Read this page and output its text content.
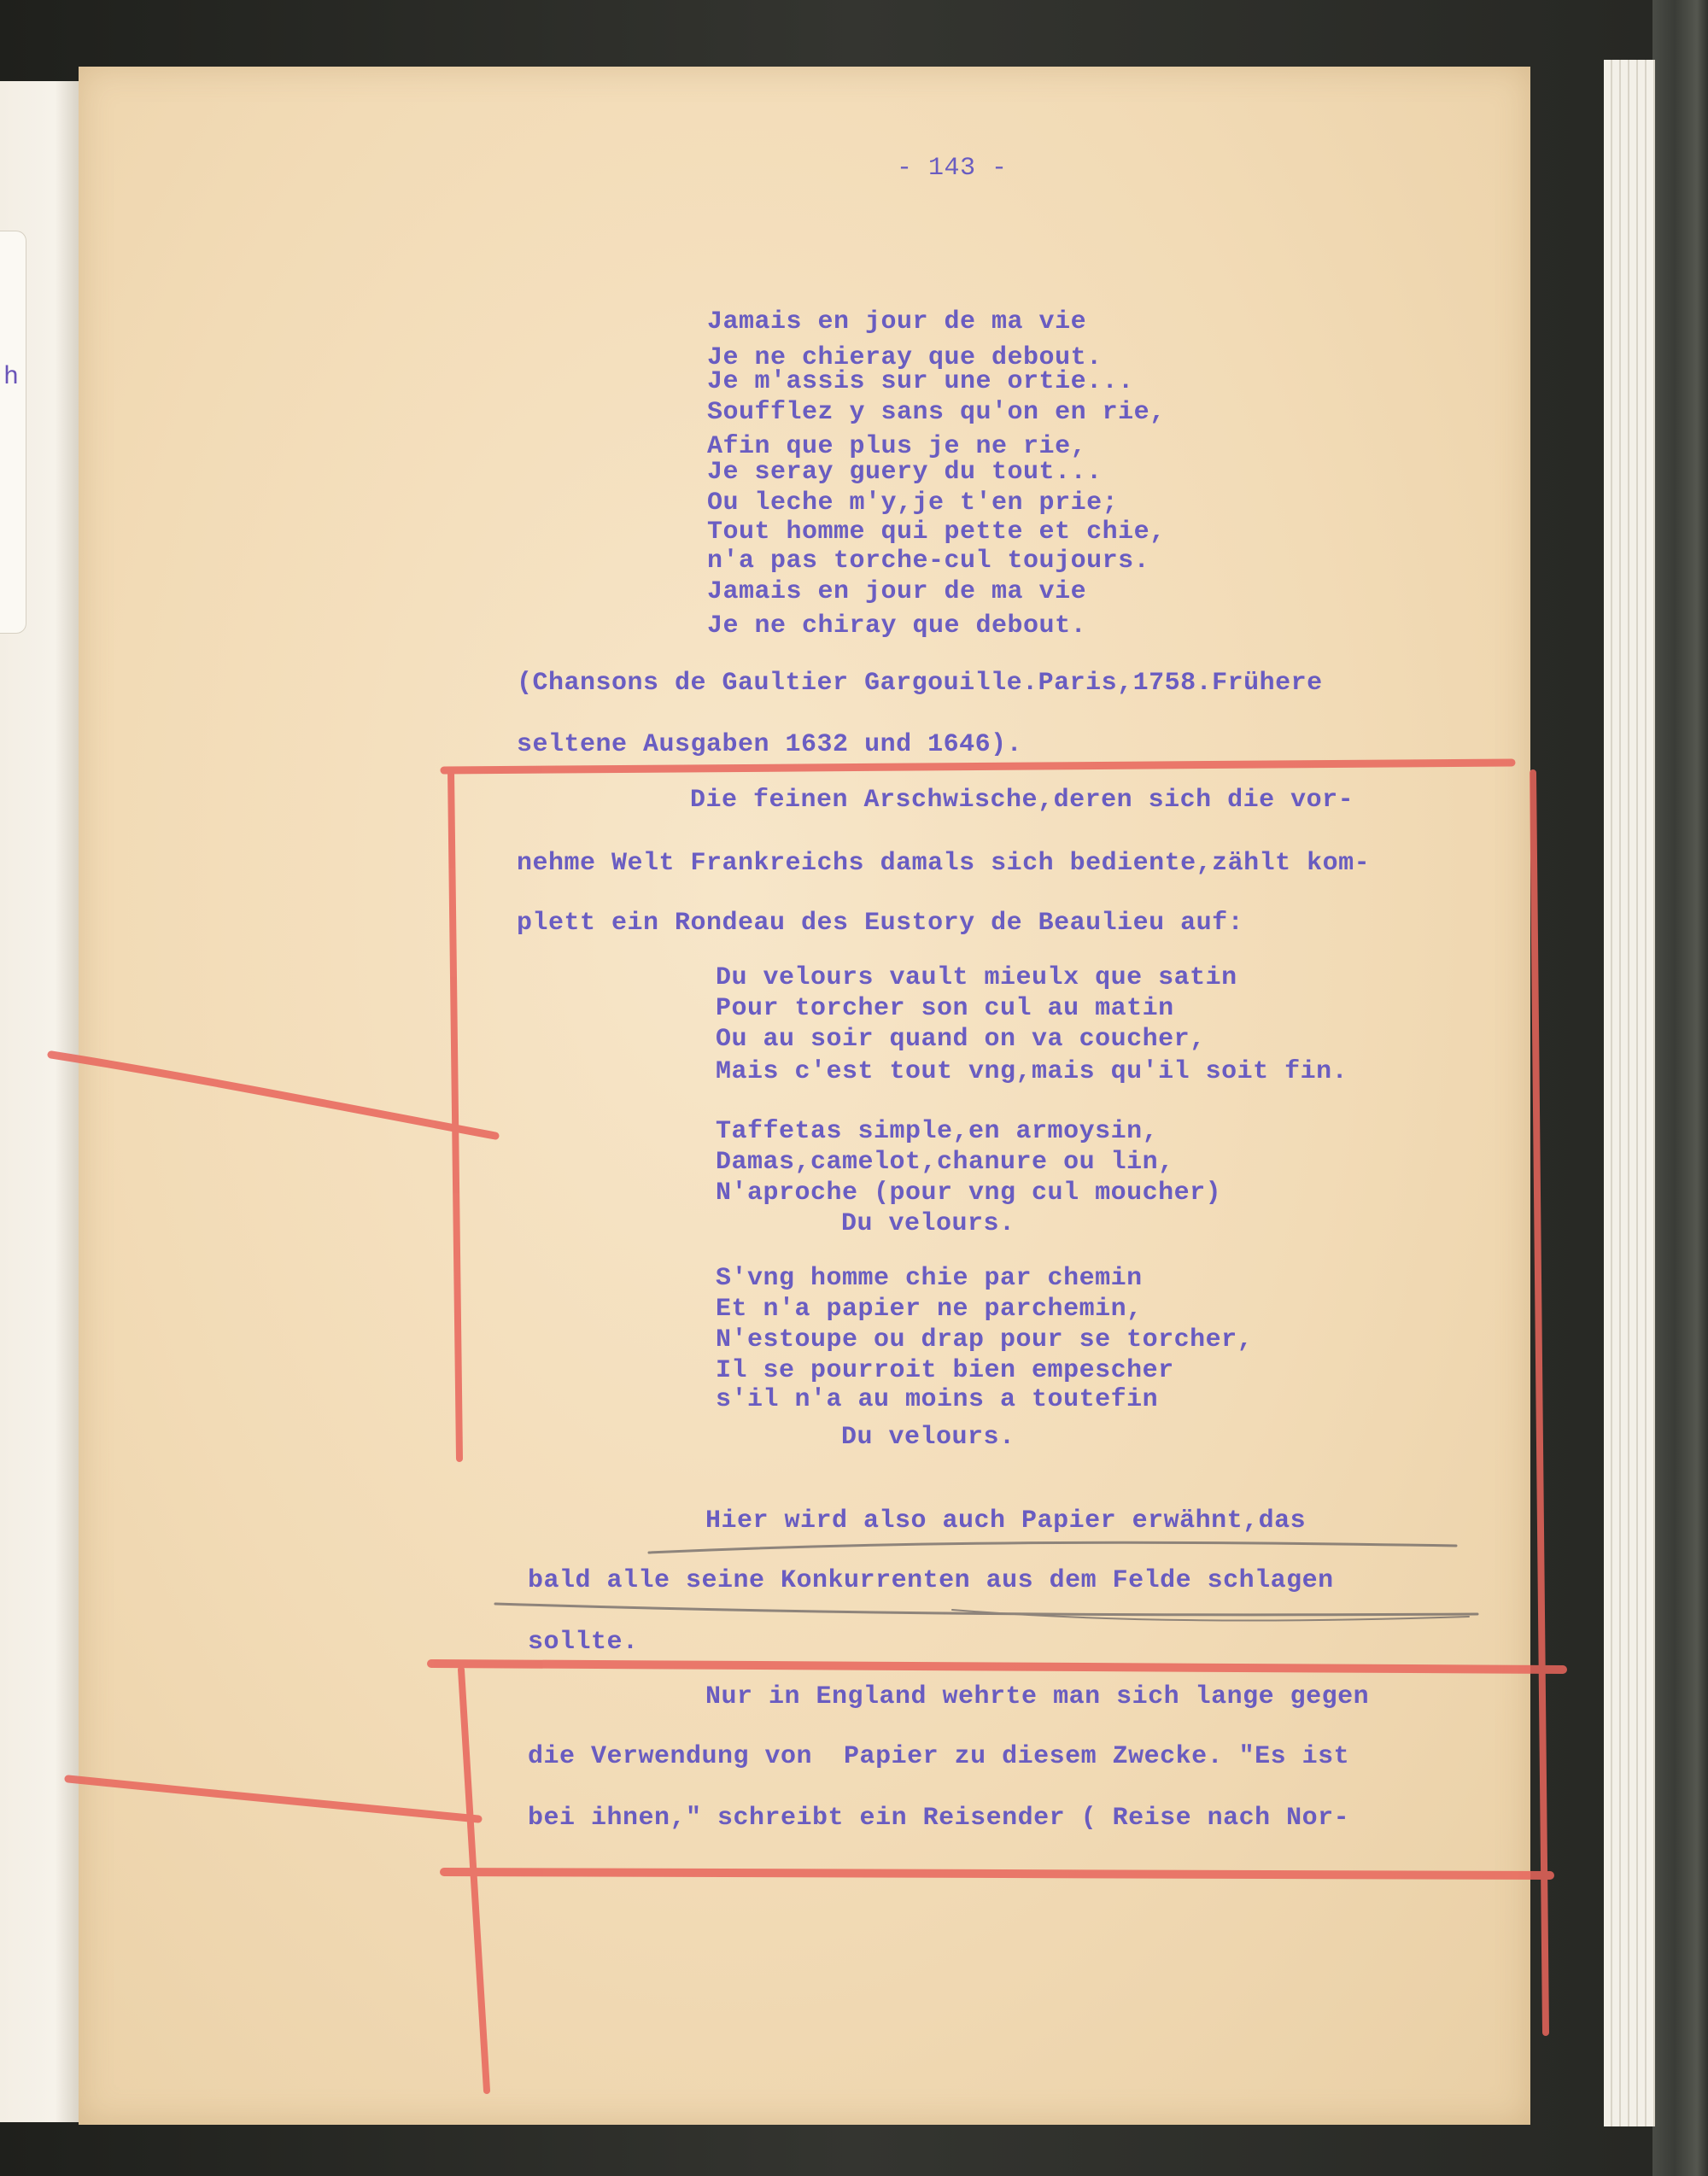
h
- 143 -
Jamais en jour de ma vie
Je ne chieray que debout.
Je m'assis sur une ortie...
Soufflez y sans qu'on en rie,
Afin que plus je ne rie,
Je seray guery du tout...
Ou leche m'y,je t'en prie;
Tout homme qui pette et chie,
n'a pas torche-cul toujours.
Jamais en jour de ma vie
Je ne chiray que debout.
(Chansons de Gaultier Gargouille.Paris,1758.Frühere
seltene Ausgaben 1632 und 1646).
Die feinen Arschwische,deren sich die vor-
nehme Welt Frankreichs damals sich bediente,zählt kom-
plett ein Rondeau des Eustory de Beaulieu auf:
Du velours vault mieulx que satin
Pour torcher son cul au matin
Ou au soir quand on va coucher,
Mais c'est tout vng,mais qu'il soit fin.
Taffetas simple,en armoysin,
Damas,camelot,chanure ou lin,
N'aproche (pour vng cul moucher)
Du velours.
S'vng homme chie par chemin
Et n'a papier ne parchemin,
N'estoupe ou drap pour se torcher,
Il se pourroit bien empescher
s'il n'a au moins a toutefin
Du velours.
Hier wird also auch Papier erwähnt,das
bald alle seine Konkurrenten aus dem Felde schlagen
sollte.
Nur in England wehrte man sich lange gegen
die Verwendung von  Papier zu diesem Zwecke. "Es ist
bei ihnen," schreibt ein Reisender ( Reise nach Nor-
